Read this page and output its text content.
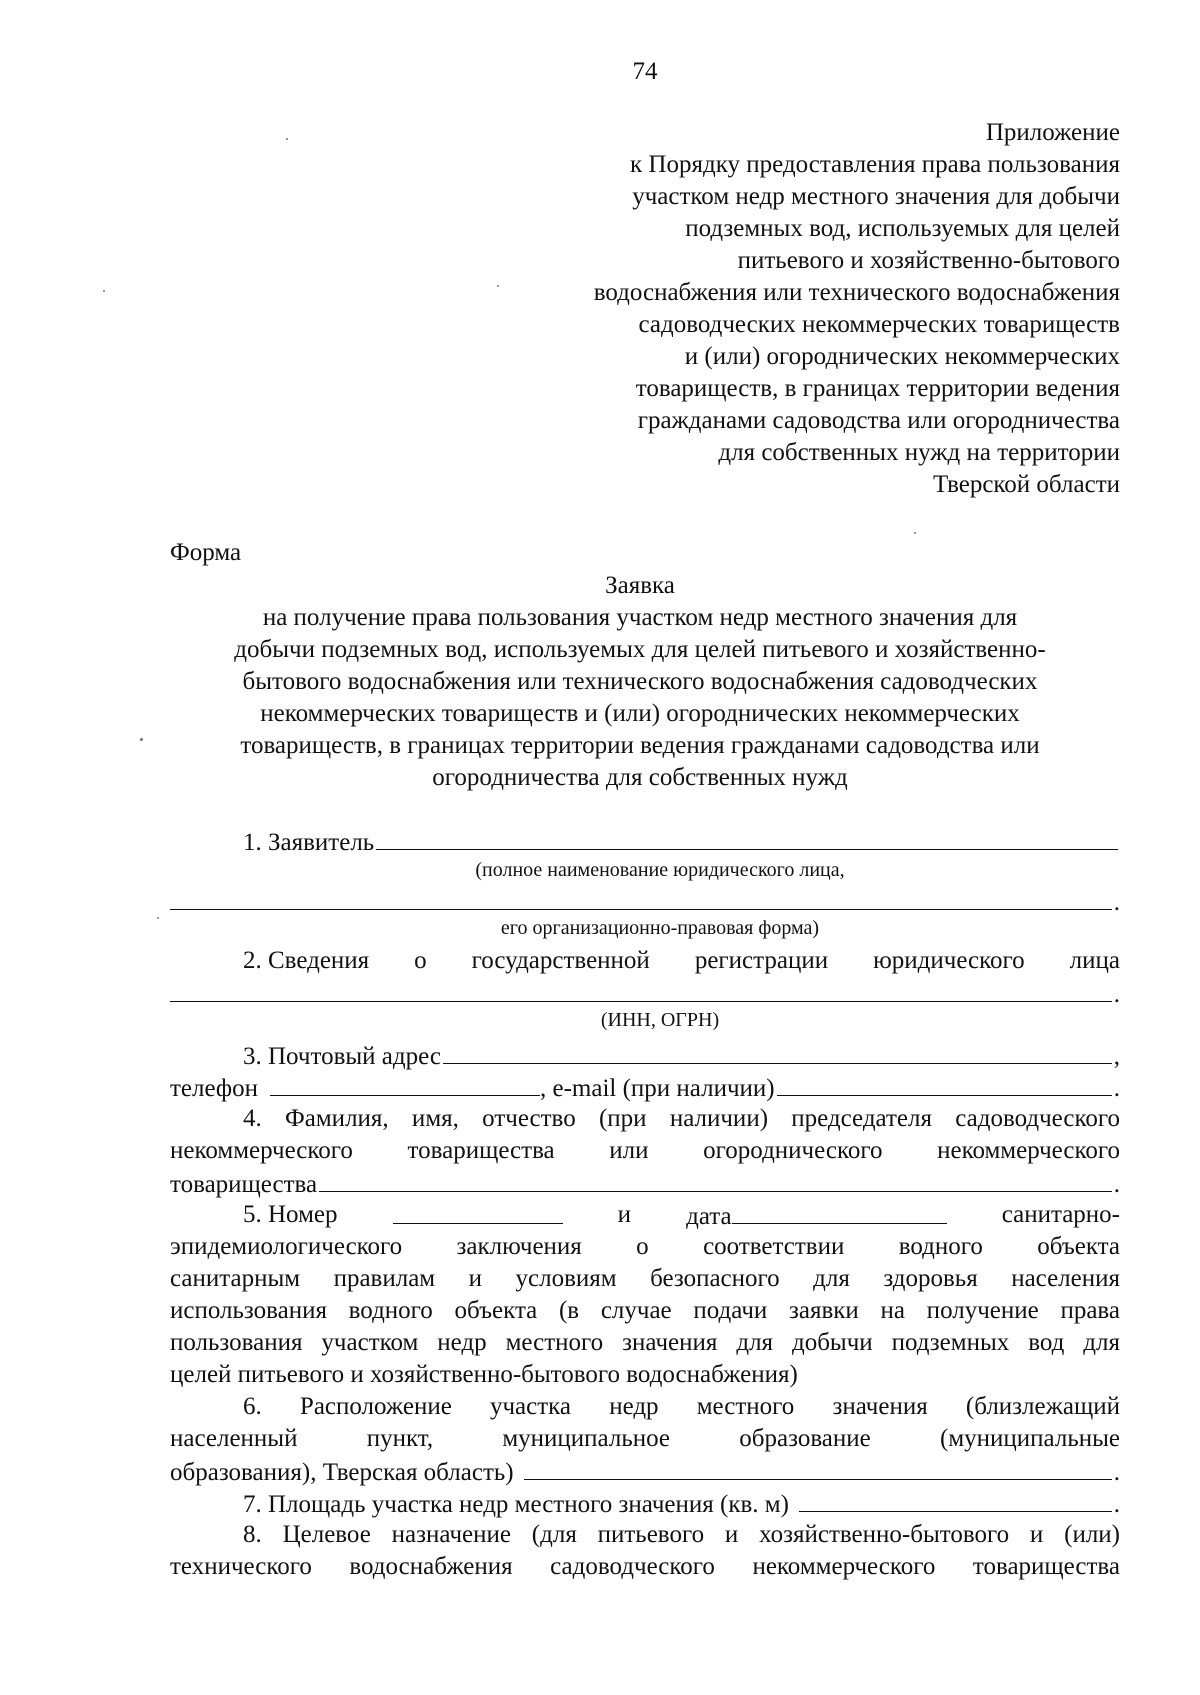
74
Приложение
к Порядку предоставления права пользования
участком недр местного значения для добычи
подземных вод, используемых для целей
питьевого и хозяйственно-бытового
водоснабжения или технического водоснабжения
садоводческих некоммерческих товариществ
и (или) огороднических некоммерческих
товариществ, в границах территории ведения
гражданами садоводства или огородничества
для собственных нужд на территории
Тверской области
Форма
Заявка
на получение права пользования участком недр местного значения для
добычи подземных вод, используемых для целей питьевого и хозяйственно-
бытового водоснабжения или технического водоснабжения садоводческих
некоммерческих товариществ и (или) огороднических некоммерческих
товариществ, в границах территории ведения гражданами садоводства или
огородничества для собственных нужд
1. Заявитель
(полное наименование юридического лица,
.
его организационно-правовая форма)
2. Сведения о государственной регистрации юридического лица
.
(ИНН, ОГРН)
3. Почтовый адрес	,
телефон	, e-mail (при наличии)	.
4. Фамилия, имя, отчество (при наличии) председателя садоводческого
некоммерческого товарищества или огороднического некоммерческого
товарищества	.
5. Номер	и дата	санитарно-
эпидемиологического заключения о соответствии водного объекта
санитарным правилам и условиям безопасного для здоровья населения
использования водного объекта (в случае подачи заявки на получение права
пользования участком недр местного значения для добычи подземных вод для
целей питьевого и хозяйственно-бытового водоснабжения)
6. Расположение участка недр местного значения (близлежащий
населенный пункт, муниципальное образование (муниципальные
образования), Тверская область)	.
7. Площадь участка недр местного значения (кв. м)	.
8. Целевое назначение (для питьевого и хозяйственно-бытового и (или)
технического водоснабжения садоводческого некоммерческого товарищества
